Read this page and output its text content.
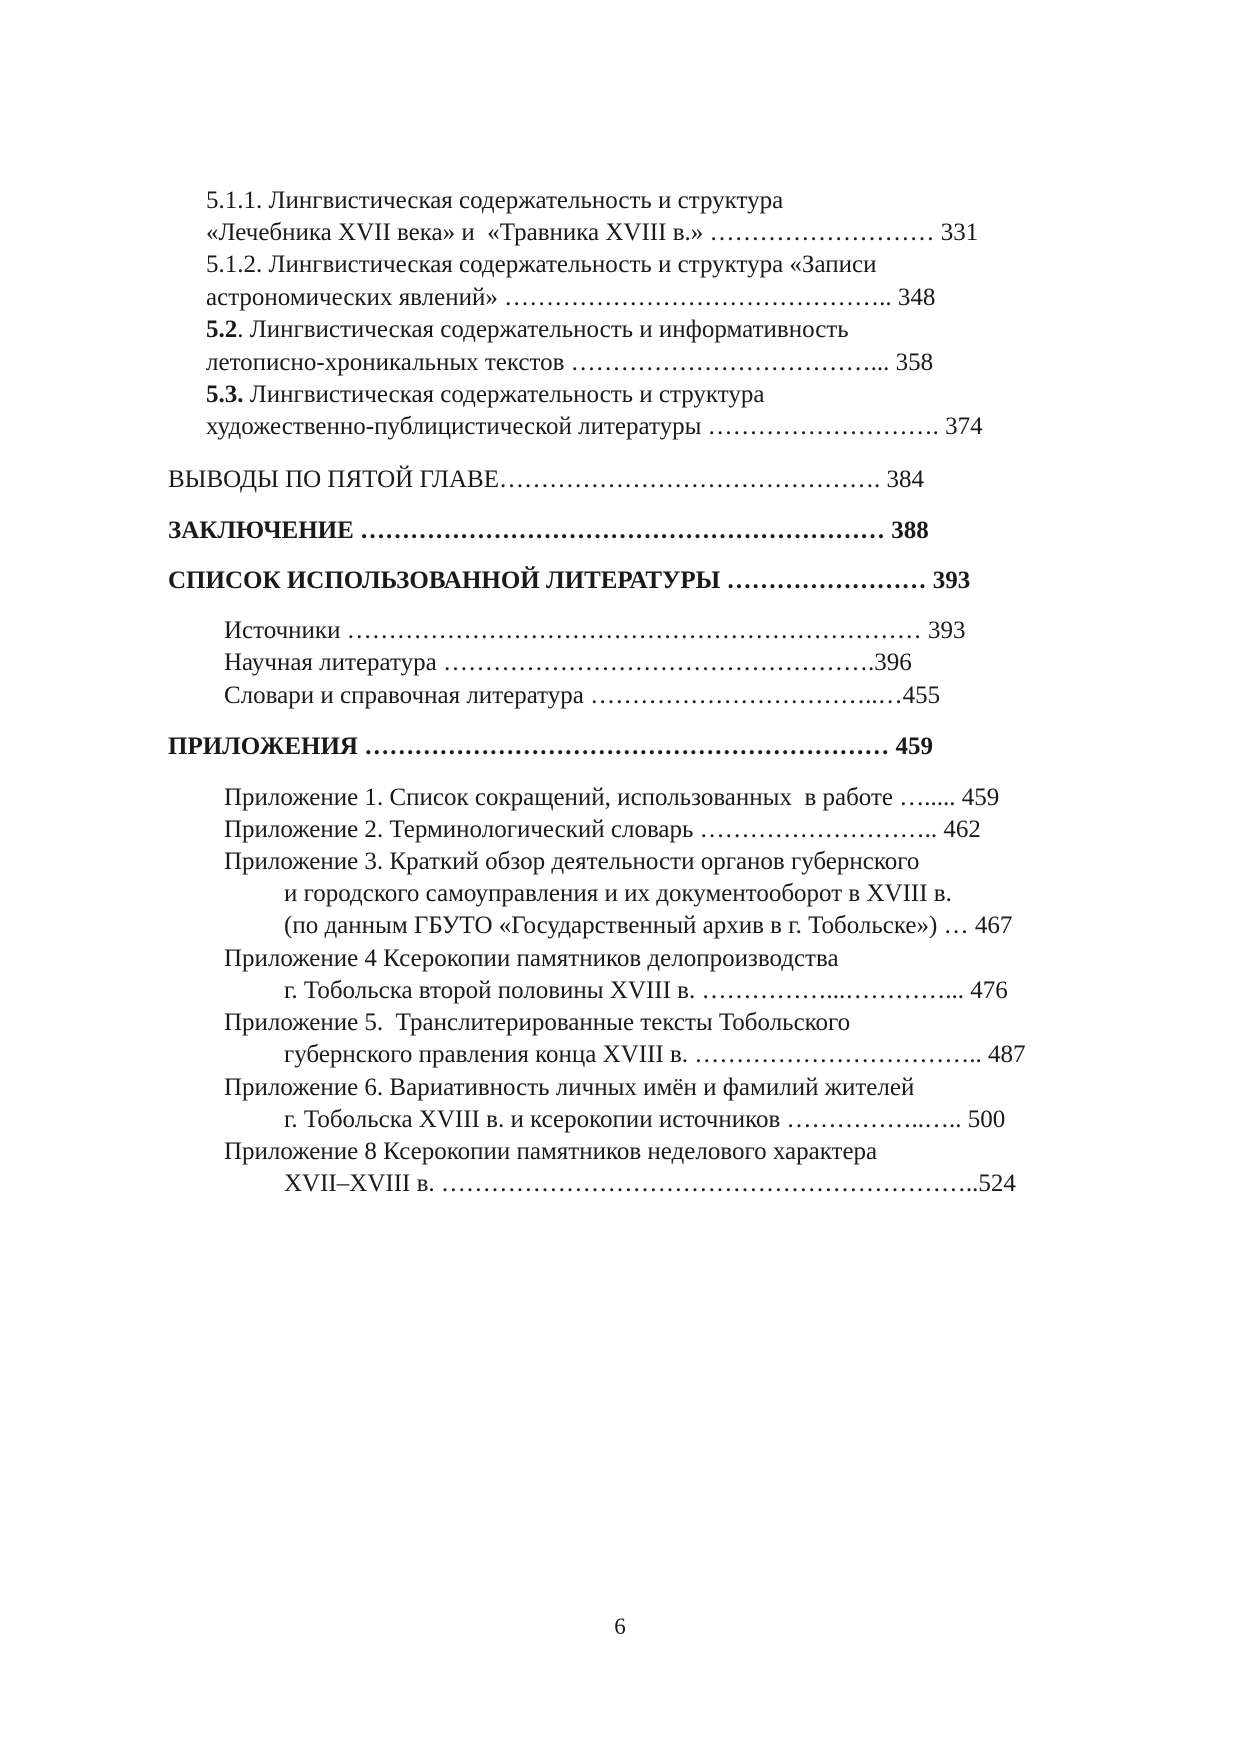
5.1.1. Лингвистическая содержательность и структура
«Лечебника XVII века» и  «Травника XVIII в.» ……………………… 331
5.1.2. Лингвистическая содержательность и структура «Записи
астрономических явлений» ……………………………………….. 348
5.2. Лингвистическая содержательность и информативность
летописно-хроникальных текстов ………………………………... 358
5.3. Лингвистическая содержательность и структура
художественно-публицистической литературы ………………………. 374
ВЫВОДЫ ПО ПЯТОЙ ГЛАВЕ………………………………………. 384
ЗАКЛЮЧЕНИЕ ……………………………………………………… 388
СПИСОК ИСПОЛЬЗОВАННОЙ ЛИТЕРАТУРЫ …………………… 393
Источники …………………………………………………………… 393
Научная литература …………………………………………….396
Словари и справочная литература ……………………………..…455
ПРИЛОЖЕНИЯ ……………………………………………………… 459
Приложение 1. Список сокращений, использованных  в работе …..... 459
Приложение 2. Терминологический словарь ……………………….. 462
Приложение 3. Краткий обзор деятельности органов губернского
и городского самоуправления и их документооборот в XVIII в.
(по данным ГБУТО «Государственный архив в г. Тобольске») … 467
Приложение 4 Ксерокопии памятников делопроизводства
г. Тобольска второй половины XVIII в. ……………...…………... 476
Приложение 5.  Транслитерированные тексты Тобольского
губернского правления конца XVIII в. …………………………….. 487
Приложение 6. Вариативность личных имён и фамилий жителей
г. Тобольска XVIII в. и ксерокопии источников ……………..….. 500
Приложение 8 Ксерокопии памятников неделового характера
XVII–XVIII в. ………………………………………………………..524
6
